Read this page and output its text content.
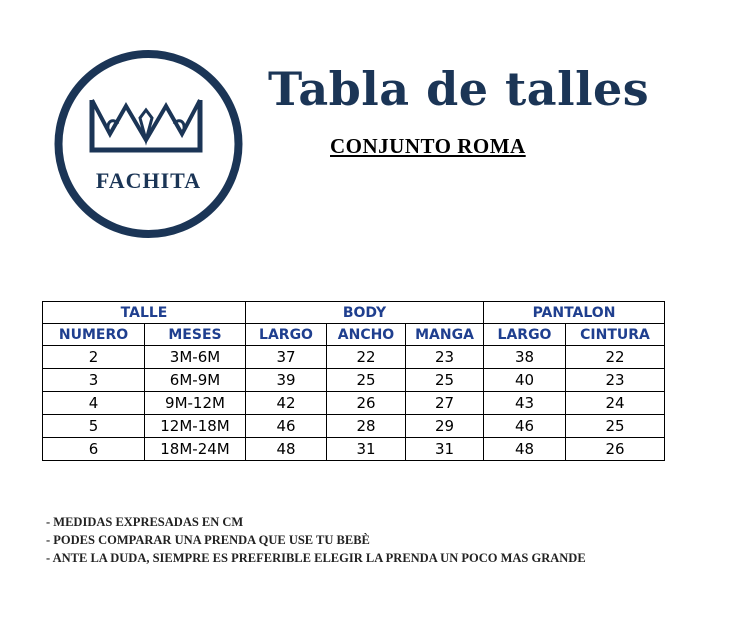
FACHITA
Tabla de talles
CONJUNTO ROMA
TALLE		BODY			PANTALON	
NUMERO	MESES	LARGO	ANCHO	MANGA	LARGO	CINTURA
2	3M-6M	37	22	23	38	22
3	6M-9M	39	25	25	40	23
4	9M-12M	42	26	27	43	24
5	12M-18M	46	28	29	46	25
6	18M-24M	48	31	31	48	26
- MEDIDAS EXPRESADAS EN CM
- PODES COMPARAR UNA PRENDA QUE USE TU BEBÈ
- ANTE LA DUDA, SIEMPRE ES PREFERIBLE ELEGIR LA PRENDA UN POCO MAS GRANDE
